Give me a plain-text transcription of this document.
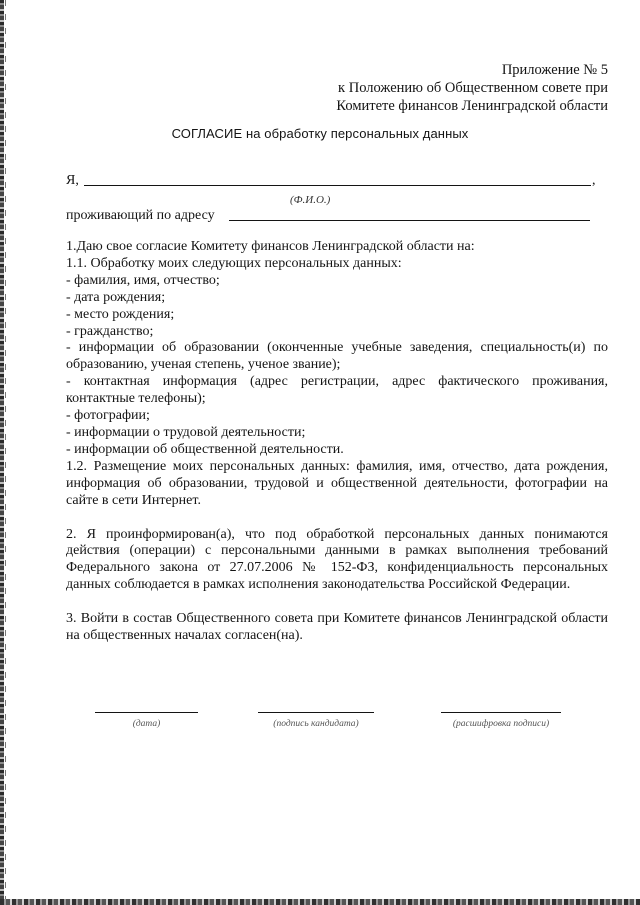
Приложение № 5
к Положению об Общественном совете при
Комитете финансов Ленинградской области
СОГЛАСИЕ на обработку персональных данных
Я,	,
(Ф.И.О.)
проживающий по адресу

1.Даю свое согласие Комитету финансов Ленинградской области на:

1.1. Обработку моих следующих персональных данных:

- фамилия, имя, отчество;

- дата рождения;

- место рождения;

- гражданство;

- информации об образовании (оконченные учебные заведения, специальность(и) по образованию, ученая степень, ученое звание);

- контактная информация (адрес регистрации, адрес фактического проживания, контактные телефоны);

- фотографии;

- информации о трудовой деятельности;

- информации об общественной деятельности.

1.2. Размещение моих персональных данных: фамилия, имя, отчество, дата рождения, информация об образовании, трудовой и общественной деятельности, фотографии на сайте в сети Интернет.

2. Я проинформирован(а), что под обработкой персональных данных понимаются действия (операции) с персональными данными в рамках выполнения требований Федерального закона от 27.07.2006 № 152-ФЗ, конфиденциальность персональных данных соблюдается в рамках исполнения законодательства Российской Федерации.

3. Войти в состав Общественного совета при Комитете финансов Ленинградской области на общественных началах согласен(на).

(дата)	(подпись кандидата)	(расшифровка подписи)
